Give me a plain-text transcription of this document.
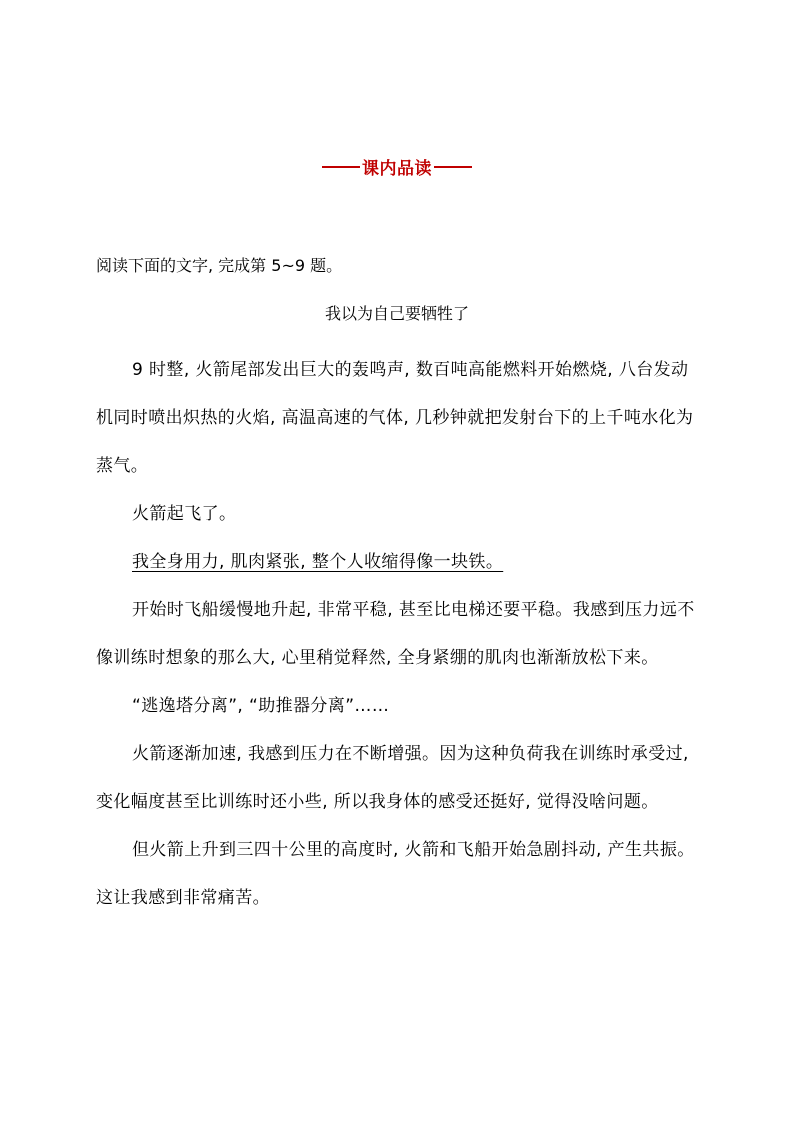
课内品读
阅读下面的文字, 完成第 5~9 题。
我以为自己要牺牲了

9 时整, 火箭尾部发出巨大的轰鸣声, 数百吨高能燃料开始燃烧, 八台发动机同时喷出炽热的火焰, 高温高速的气体, 几秒钟就把发射台下的上千吨水化为蒸气。

火箭起飞了。

我全身用力, 肌肉紧张, 整个人收缩得像一块铁。

开始时飞船缓慢地升起, 非常平稳, 甚至比电梯还要平稳。我感到压力远不像训练时想象的那么大, 心里稍觉释然, 全身紧绷的肌肉也渐渐放松下来。

“逃逸塔分离”, “助推器分离”……

火箭逐渐加速, 我感到压力在不断增强。因为这种负荷我在训练时承受过, 变化幅度甚至比训练时还小些, 所以我身体的感受还挺好, 觉得没啥问题。

但火箭上升到三四十公里的高度时, 火箭和飞船开始急剧抖动, 产生共振。这让我感到非常痛苦。
